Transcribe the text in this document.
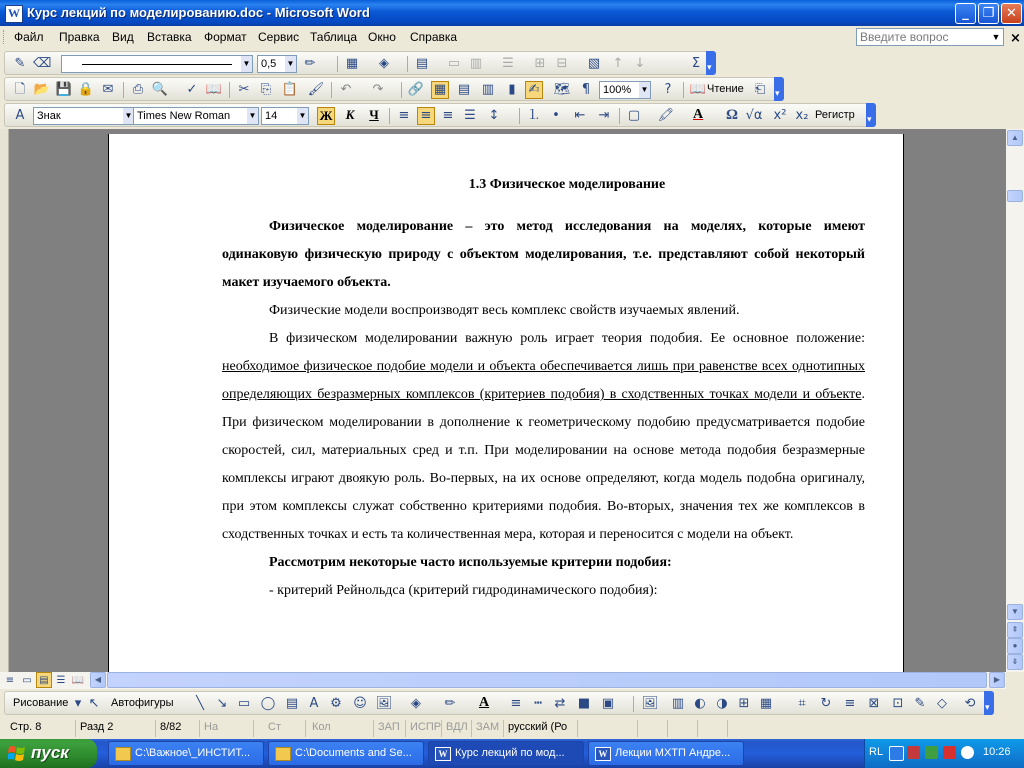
W Курс лекций по моделированию.doc - Microsoft Word	_	❐ ✕
Файл Правка Вид Вставка Формат Сервис Таблица Окно Справка	Введите вопрос	▼ ×
✎ ⌫	▼ 0,5 ▼ ✏ ▦	◈	▤ ▭ ▥ ☰ ⊞ ⊟ ▧ ↑ ↓	Σ
▾
🗋 📂 💾 🔒 ✉ ⎙ 🔍 ✓ 📖 ✂ ⎘ 📋 🖌 ↶ ↷ 🔗 ▦ ▤ ▥	▮ ✍ 🗺 ¶	100% ▼	?	📖 Чтение ⎗
▾
A	Знак	▼ Times New Roman ▼ 14	▼ Ж	К	Ч	≡ ≡ ≡ ☰ ↕ ⒈ •	⇤ ⇥ ▢ 🖍 A Ω √α x² x₂ Регистр
▾

1.3 Физическое моделирование

Физическое моделирование – это метод исследования на моделях, которые имеют одинаковую физическую природу с объектом моделирования, т.е. представляют собой некоторый макет изучаемого объекта.

Физические модели воспроизводят весь комплекс свойств изучаемых явлений.

В физическом моделировании важную роль играет теория подобия. Ее основное положение: необходимое физическое подобие модели и объекта обеспечивается лишь при равенстве всех однотипных определяющих безразмерных комплексов (критериев подобия) в сходственных точках модели и объекте. При физическом моделировании в дополнение к геометрическому подобию предусматривается подобие скоростей, сил, материальных сред и т.п. При моделировании на основе метода подобия безразмерные комплексы играют двоякую роль. Во-первых, на их основе определяют, когда модель подобна оригиналу, при этом комплексы служат собственно критериями подобия. Во-вторых, значения тех же комплексов в сходственных точках и есть та количественная мера, которая и переносится с модели на объект.

Рассмотрим некоторые часто используемые критерии подобия:

- критерий Рейнольдса (критерий гидродинамического подобия):

▲
▼
⇞
●
⇟
≡ ▭ ▤ ☰ 📖	◀	▶
Рисование ▾ ↖	Автофигуры	╲ ↘ ▭ ◯ ▤ A ⚙ ☺ 🖼	◈	✏ A	≡ ┅ ⇄ ■ ▣ 🖼 ▥ ◐ ◑ ⊞ ▦	⌗	↻ ≡ ⊠ ⊡ ✎ ◇	⟲
▾
Стр. 8	Разд 2	8/82	На	Ст	Кол	ЗАП ИСПР ВДЛ ЗАМ русский (Ро
пуск	C:\Важное\_ИНСТИТ...	C:\Documents and Se...	W Курс лекций по мод...	W Лекции МХТП Андре...	RL	10:26
